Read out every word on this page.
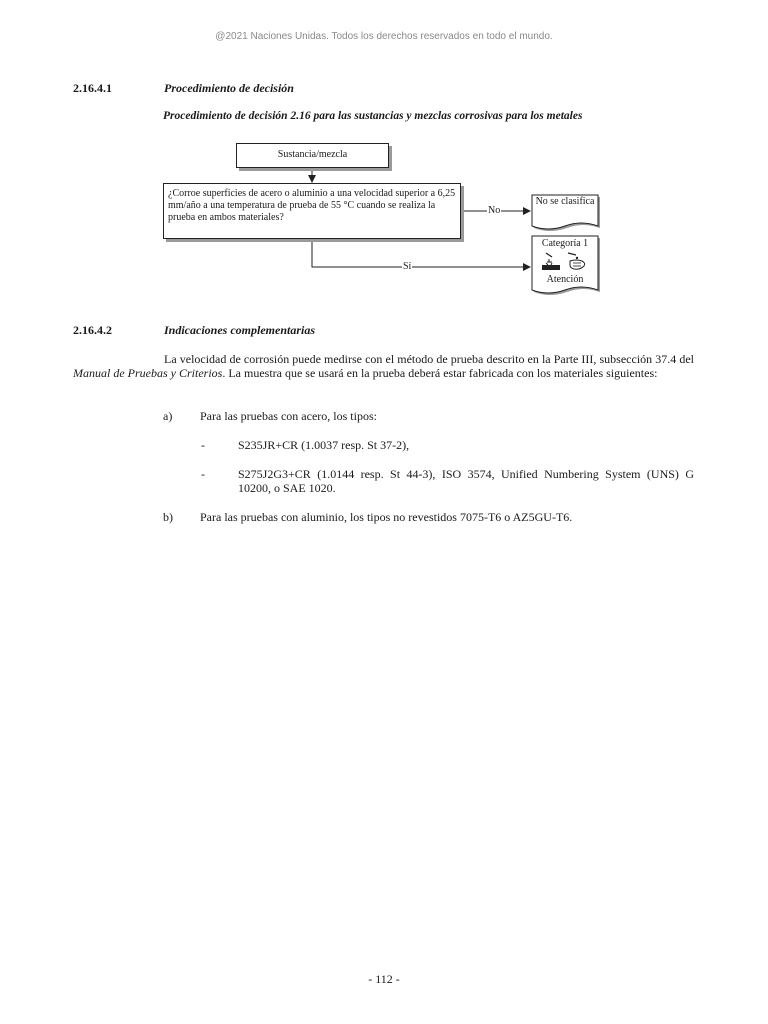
@2021 Naciones Unidas. Todos los derechos reservados en todo el mundo.
2.16.4.1	Procedimiento de decisión
Procedimiento de decisión 2.16 para las sustancias y mezclas corrosivas para los metales
Sustancia/mezcla
¿Corroe superficies de acero o aluminio a una velocidad superior a 6,25 mm/año a una temperatura de prueba de 55 °C cuando se realiza la prueba en ambos materiales?
No
Sí
No se clasifica
Categoría 1
Atención
2.16.4.2	Indicaciones complementarias
La velocidad de corrosión puede medirse con el método de prueba descrito en la Parte III, subsección 37.4 del Manual de Pruebas y Criterios. La muestra que se usará en la prueba deberá estar fabricada con los materiales siguientes:
a) Para las pruebas con acero, los tipos:
-	S235JR+CR (1.0037 resp. St 37-2),
-	S275J2G3+CR (1.0144 resp. St 44-3), ISO 3574, Unified Numbering System (UNS) G
10200, o SAE 1020.
b) Para las pruebas con aluminio, los tipos no revestidos 7075-T6 o AZ5GU-T6.
- 112 -
